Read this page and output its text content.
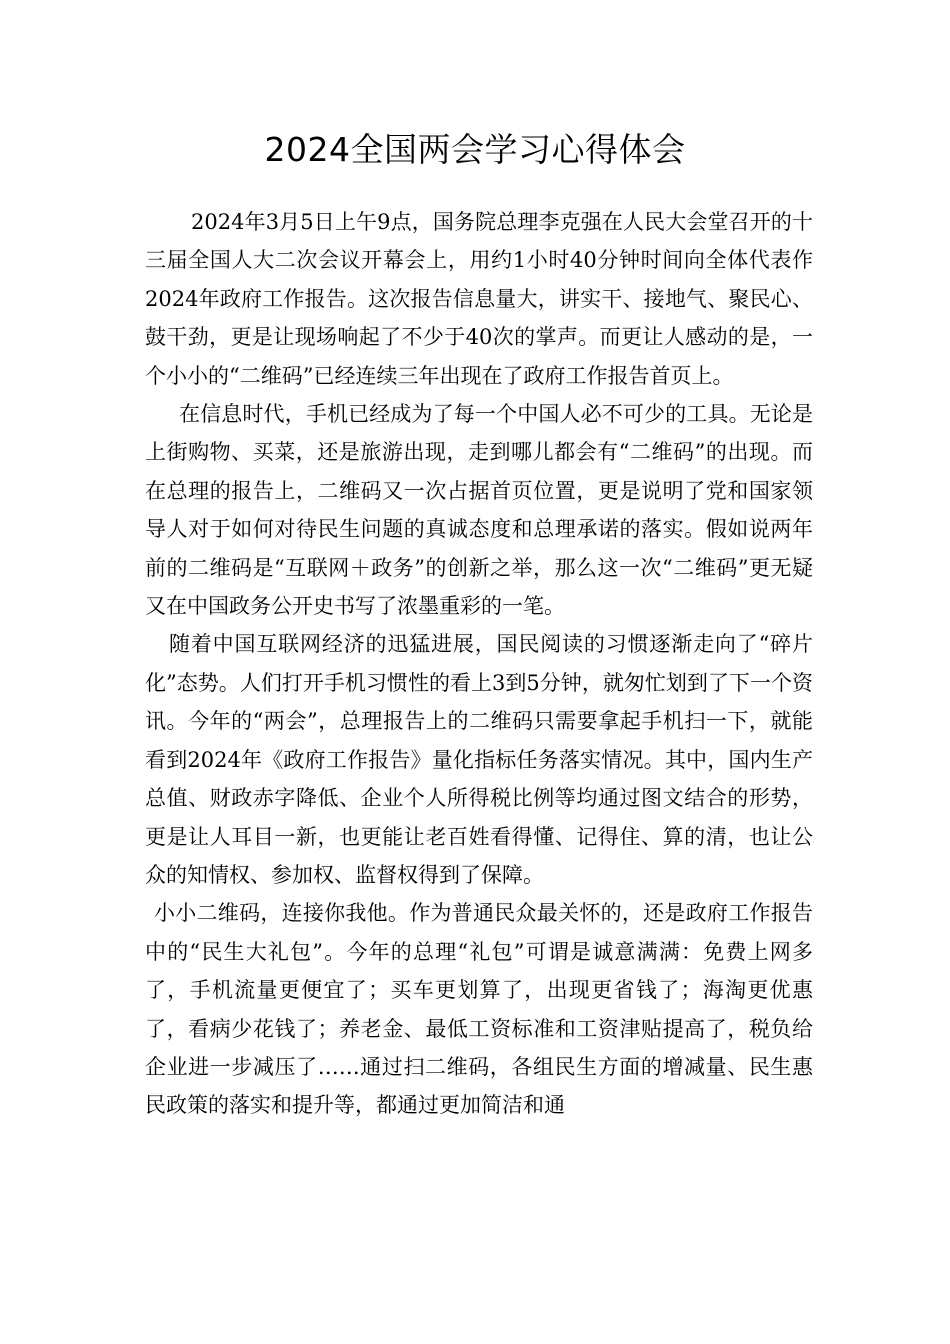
2024全国两会学习心得体会

2024年3月5日上午9点，国务院总理李克强在人民大会堂召开的十三届全国人大二次会议开幕会上，用约1小时40分钟时间向全体代表作2024年政府工作报告。这次报告信息量大，讲实干、接地气、聚民心、鼓干劲，更是让现场响起了不少于40次的掌声。而更让人感动的是，一个小小的“二维码”已经连续三年出现在了政府工作报告首页上。

在信息时代，手机已经成为了每一个中国人必不可少的工具。无论是上街购物、买菜，还是旅游出现，走到哪儿都会有“二维码”的出现。而在总理的报告上，二维码又一次占据首页位置，更是说明了党和国家领导人对于如何对待民生问题的真诚态度和总理承诺的落实。假如说两年前的二维码是“互联网＋政务”的创新之举，那么这一次“二维码”更无疑又在中国政务公开史书写了浓墨重彩的一笔。

随着中国互联网经济的迅猛进展，国民阅读的习惯逐渐走向了“碎片化”态势。人们打开手机习惯性的看上3到5分钟，就匆忙划到了下一个资讯。今年的“两会”，总理报告上的二维码只需要拿起手机扫一下，就能看到2024年《政府工作报告》量化指标任务落实情况。其中，国内生产总值、财政赤字降低、企业个人所得税比例等均通过图文结合的形势，更是让人耳目一新，也更能让老百姓看得懂、记得住、算的清，也让公众的知情权、参加权、监督权得到了保障。

小小二维码，连接你我他。作为普通民众最关怀的，还是政府工作报告中的“民生大礼包”。今年的总理“礼包”可谓是诚意满满：免费上网多了，手机流量更便宜了；买车更划算了，出现更省钱了；海淘更优惠了，看病少花钱了；养老金、最低工资标准和工资津贴提高了，税负给企业进一步减压了……通过扫二维码，各组民生方面的增减量、民生惠民政策的落实和提升等，都通过更加简洁和通
